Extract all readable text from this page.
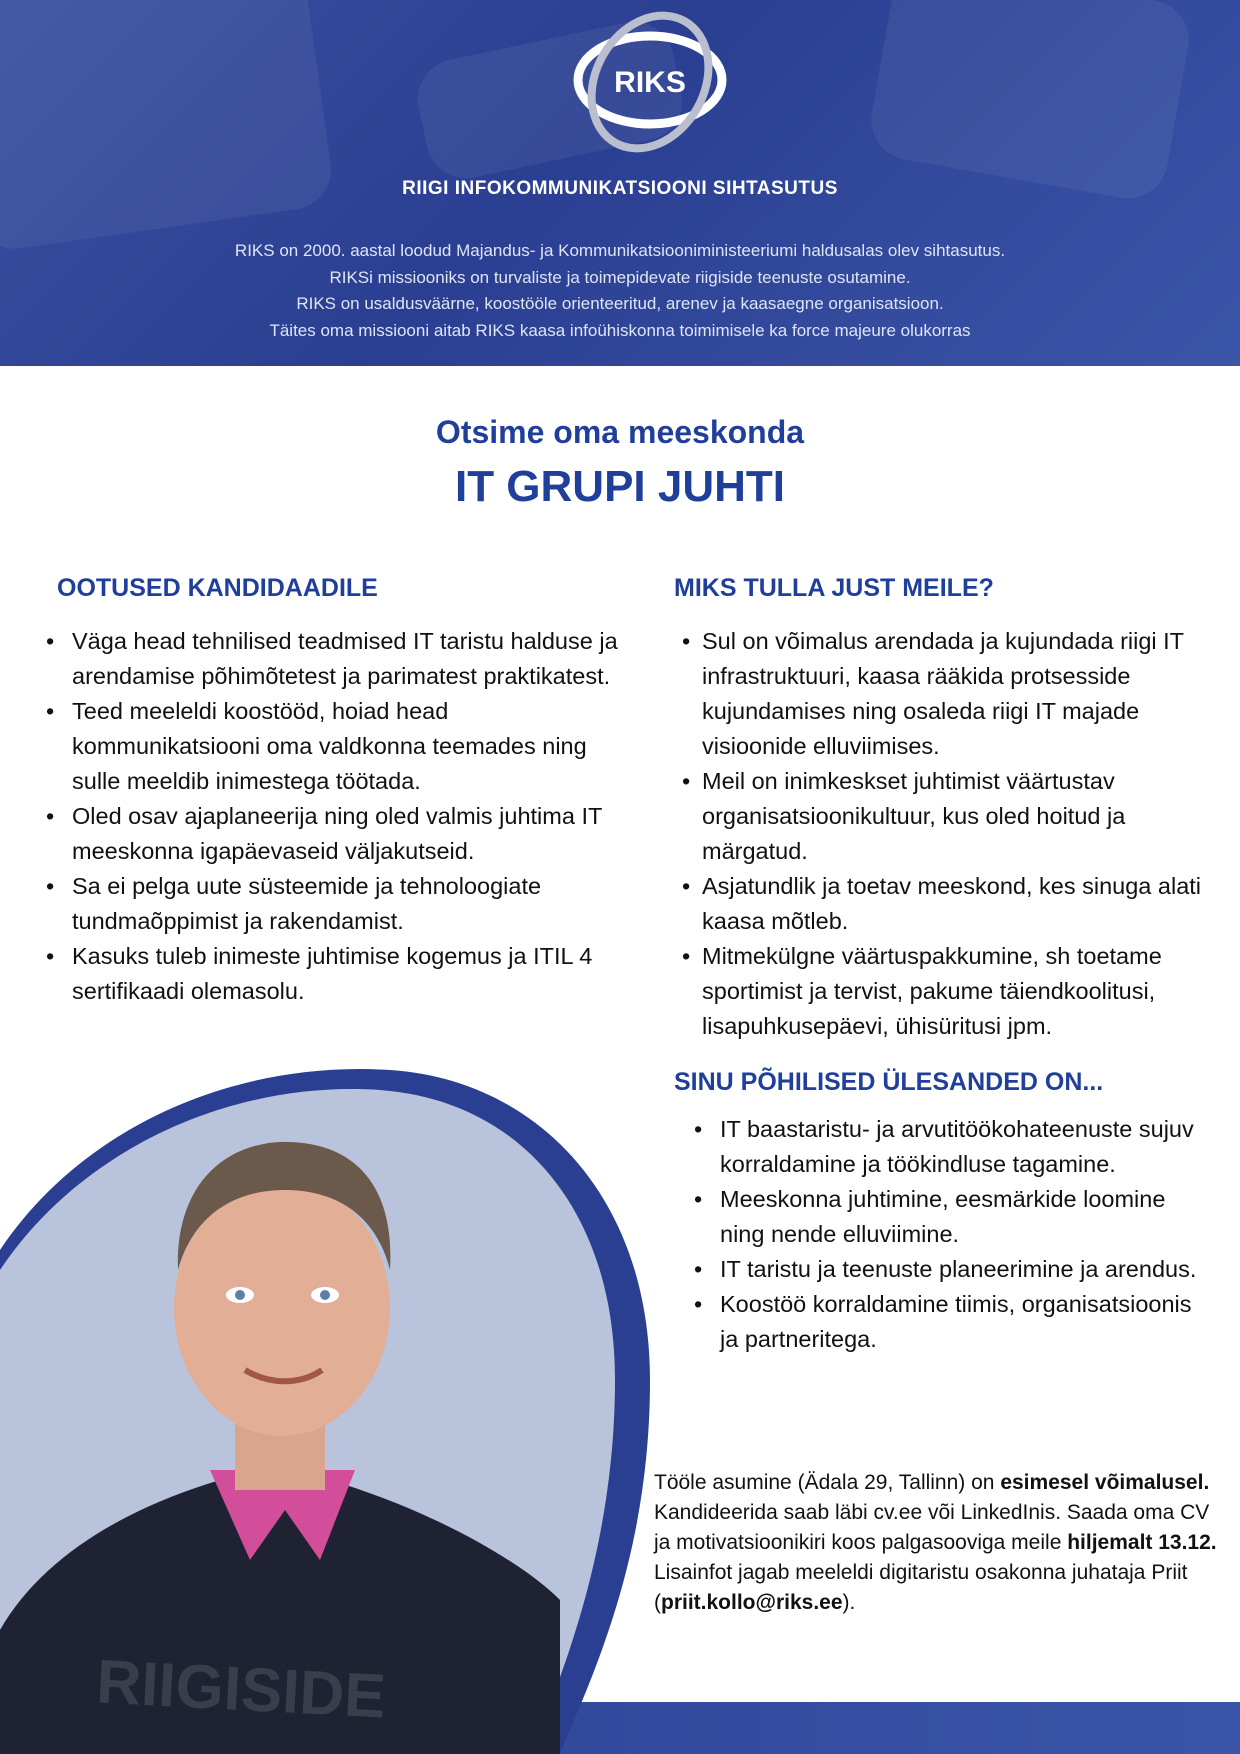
RIKS
RIIGI INFOKOMMUNIKATSIOONI SIHTASUTUS

RIKS on 2000. aastal loodud Majandus- ja Kommunikatsiooniministeeriumi haldusalas olev sihtasutus.

RIKSi missiooniks on turvaliste ja toimepidevate riigiside teenuste osutamine.

RIKS on usaldusväärne, koostööle orienteeritud, arenev ja kaasaegne organisatsioon.

Täites oma missiooni aitab RIKS kaasa infoühiskonna toimimisele ka force majeure olukorras

Otsime oma meeskonda
IT GRUPI JUHTI
OOTUSED KANDIDAADILE
• Väga head tehnilised teadmised IT taristu halduse ja arendamise põhimõtetest ja parimatest praktikatest.
• Teed meeleldi koostööd, hoiad head kommunikatsiooni oma valdkonna teemades ning sulle meeldib inimestega töötada.
• Oled osav ajaplaneerija ning oled valmis juhtima IT meeskonna igapäevaseid väljakutseid.
• Sa ei pelga uute süsteemide ja tehnoloogiate tundmaõppimist ja rakendamist.
• Kasuks tuleb inimeste juhtimise kogemus ja ITIL 4 sertifikaadi olemasolu.
MIKS TULLA JUST MEILE?
• Sul on võimalus arendada ja kujundada riigi IT infrastruktuuri, kaasa rääkida protsesside kujundamises ning osaleda riigi IT majade visioonide elluviimises.
• Meil on inimkeskset juhtimist väärtustav organisatsioonikultuur, kus oled hoitud ja märgatud.
• Asjatundlik ja toetav meeskond, kes sinuga alati kaasa mõtleb.
• Mitmekülgne väärtuspakkumine, sh toetame sportimist ja tervist, pakume täiendkoolitusi, lisapuhkusepäevi, ühisüritusi jpm.
SINU PÕHILISED ÜLESANDED ON...
• IT baastaristu- ja arvutitöökohateenuste sujuv korraldamine ja töökindluse tagamine.
• Meeskonna juhtimine, eesmärkide loomine ning nende elluviimine.
• IT taristu ja teenuste planeerimine ja arendus.
• Koostöö korraldamine tiimis, organisatsioonis ja partneritega.
RIIGISIDE
Tööle asumine (Ädala 29, Tallinn) on esimesel võimalusel. Kandideerida saab läbi cv.ee või LinkedInis. Saada oma CV ja motivatsioonikiri koos palgasooviga meile hiljemalt 13.12.
Lisainfot jagab meeleldi digitaristu osakonna juhataja Priit (priit.kollo@riks.ee).
